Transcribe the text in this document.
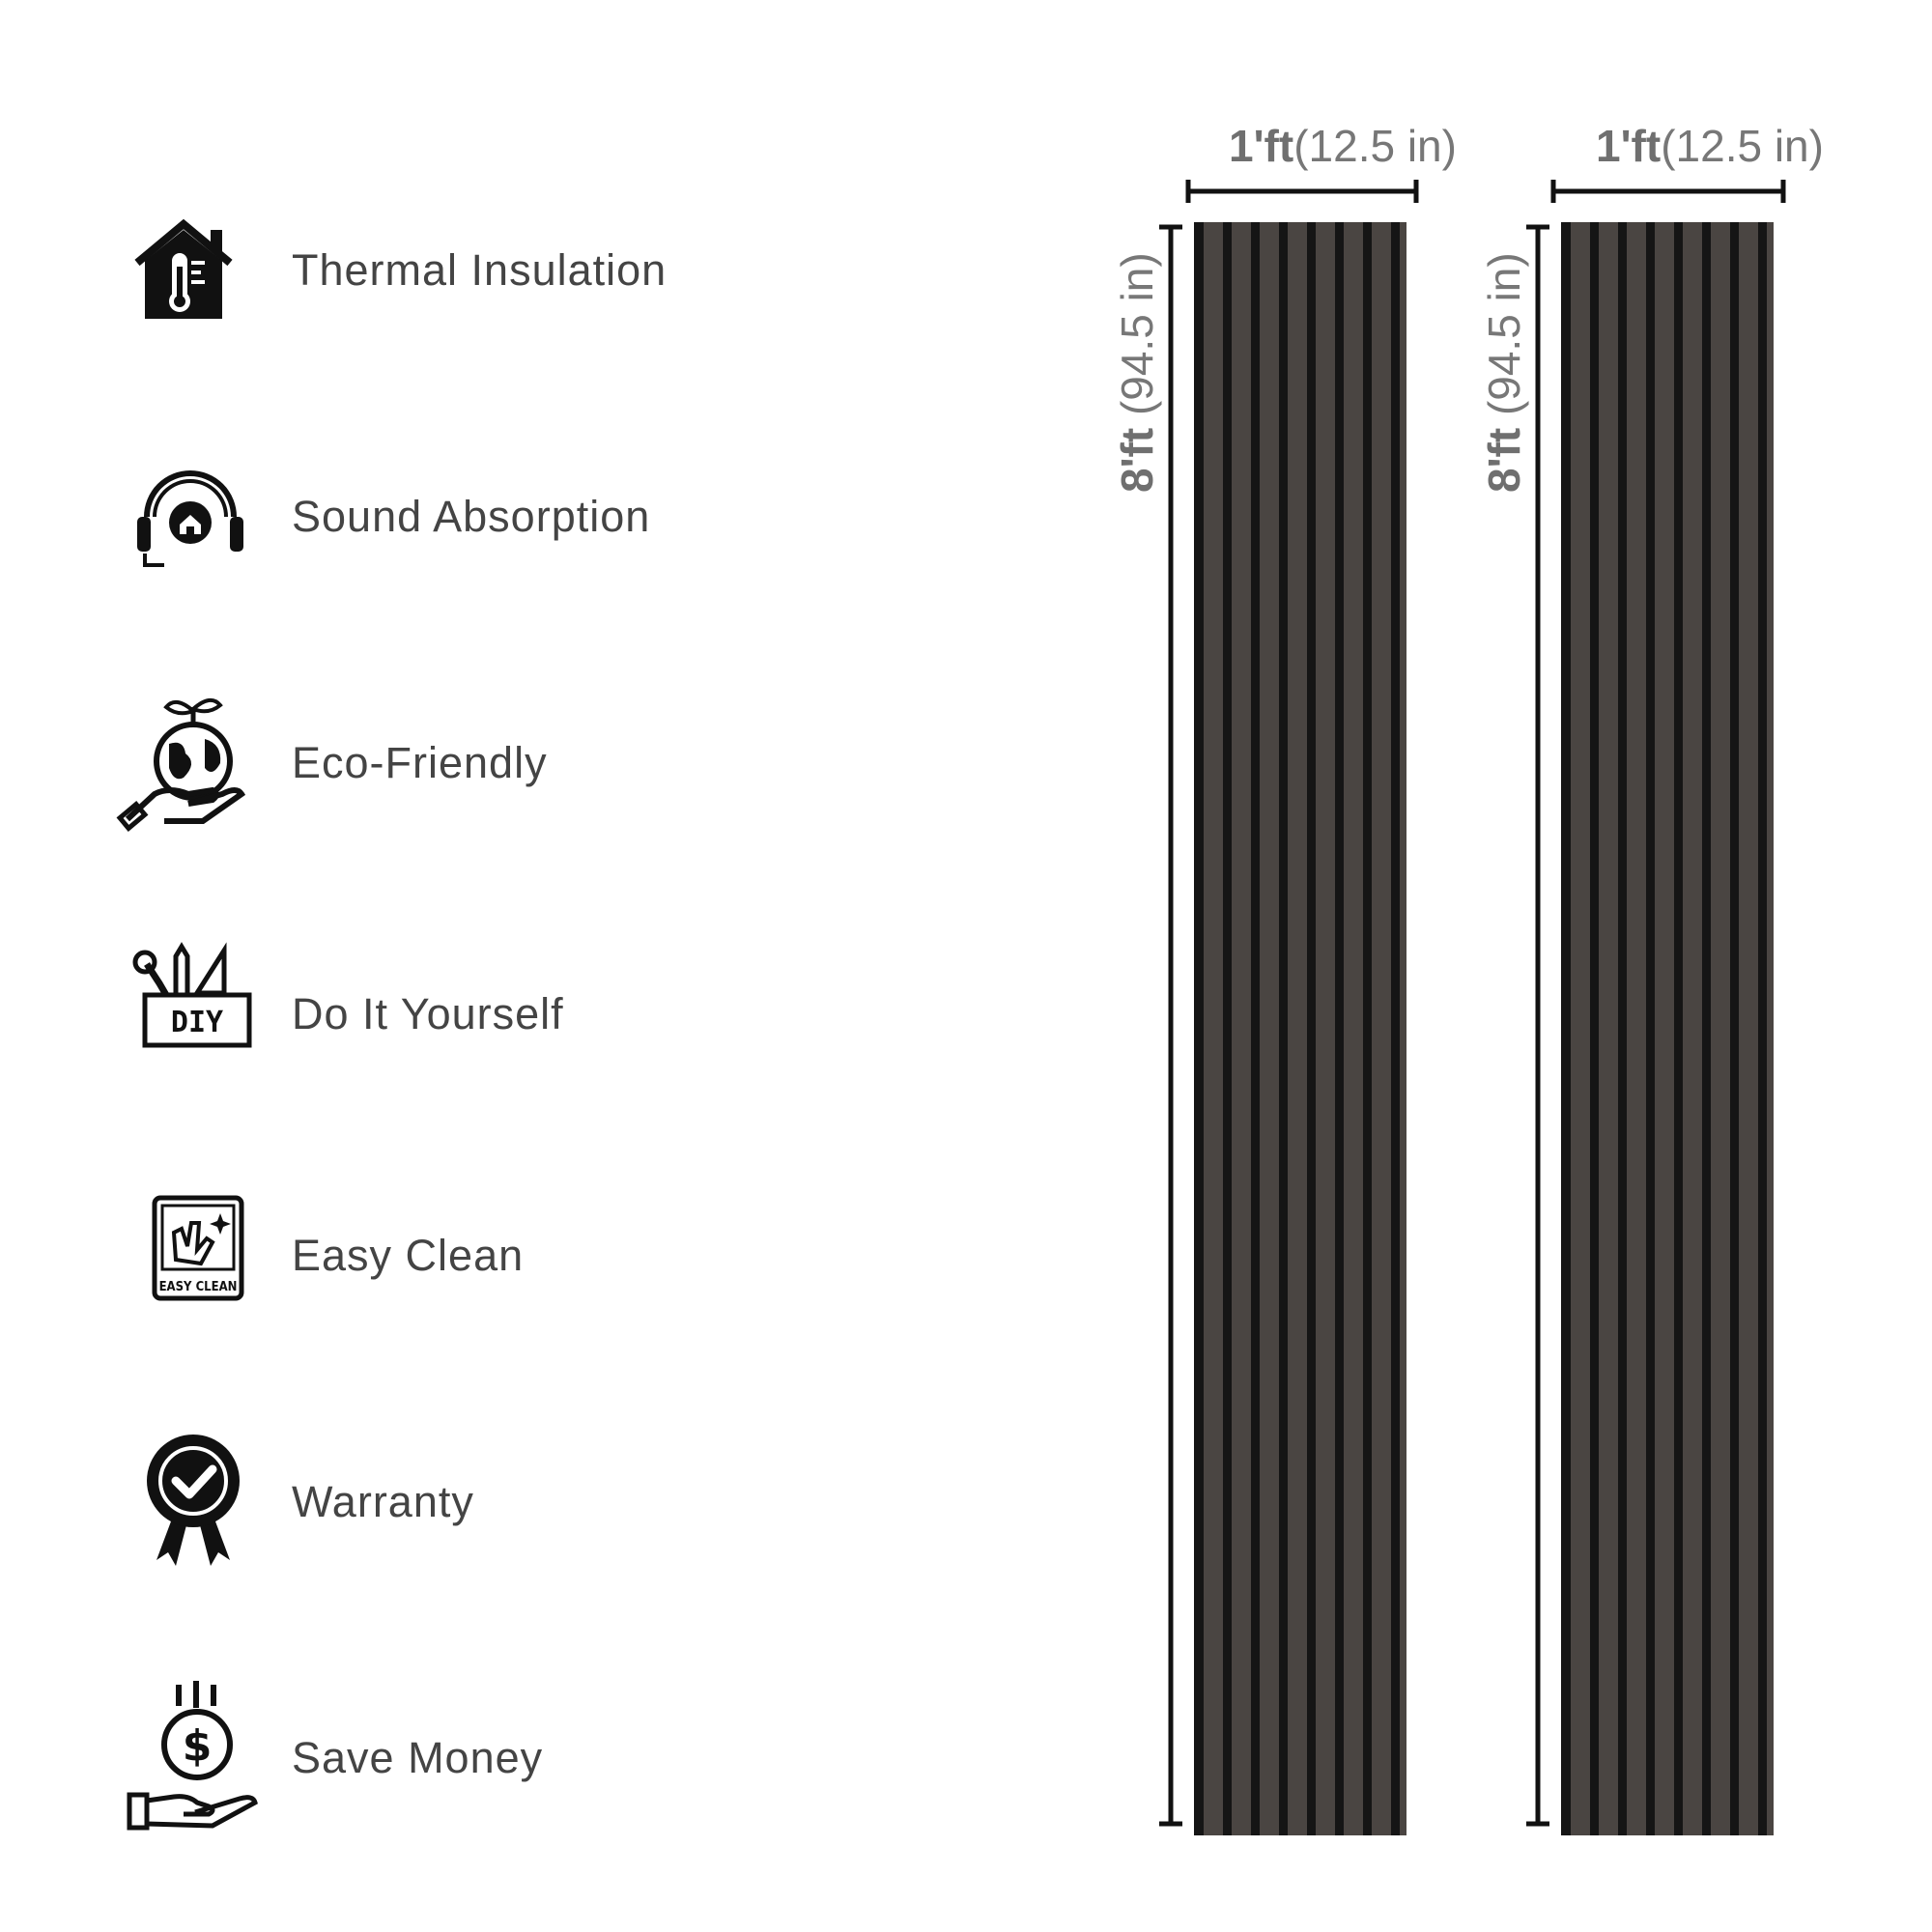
Thermal Insulation
Sound Absorption
Eco-Friendly
DIY Do It Yourself
EASY CLEAN
Easy Clean
Warranty
$ Save Money
1'ft(12.5 in)
8'ft (94.5 in)
1'ft(12.5 in)
8'ft (94.5 in)
